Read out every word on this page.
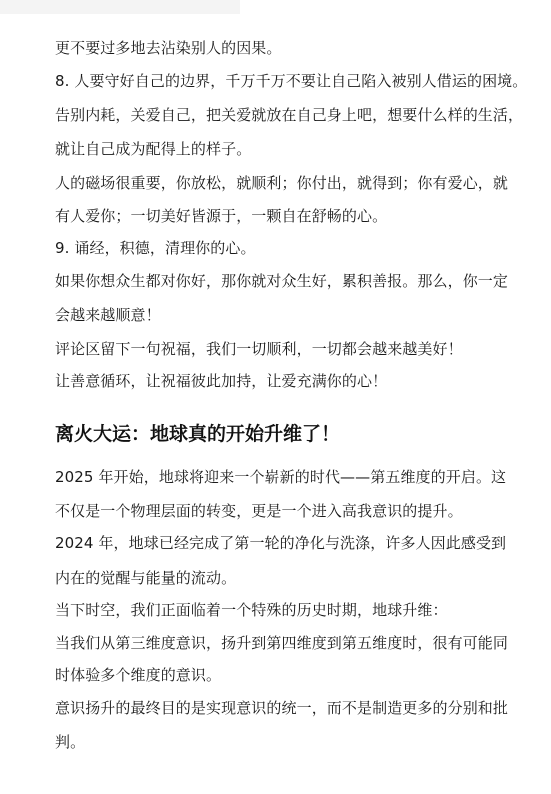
更不要过多地去沾染别人的因果。
8. 人要守好自己的边界，千万千万不要让自己陷入被别人借运的困境。
告别内耗，关爱自己，把关爱就放在自己身上吧，想要什么样的生活，
就让自己成为配得上的样子。
人的磁场很重要，你放松，就顺利；你付出，就得到；你有爱心，就
有人爱你；一切美好皆源于，一颗自在舒畅的心。
9. 诵经，积德，清理你的心。
如果你想众生都对你好，那你就对众生好，累积善报。那么，你一定
会越来越顺意！
评论区留下一句祝福，我们一切顺利，一切都会越来越美好！
让善意循环，让祝福彼此加持，让爱充满你的心！
离火大运：地球真的开始升维了！
2025 年开始，地球将迎来一个崭新的时代——第五维度的开启。这
不仅是一个物理层面的转变，更是一个进入高我意识的提升。
2024 年，地球已经完成了第一轮的净化与洗涤，许多人因此感受到
内在的觉醒与能量的流动。
当下时空，我们正面临着一个特殊的历史时期，地球升维：
当我们从第三维度意识，扬升到第四维度到第五维度时，很有可能同
时体验多个维度的意识。
意识扬升的最终目的是实现意识的统一，而不是制造更多的分别和批
判。
